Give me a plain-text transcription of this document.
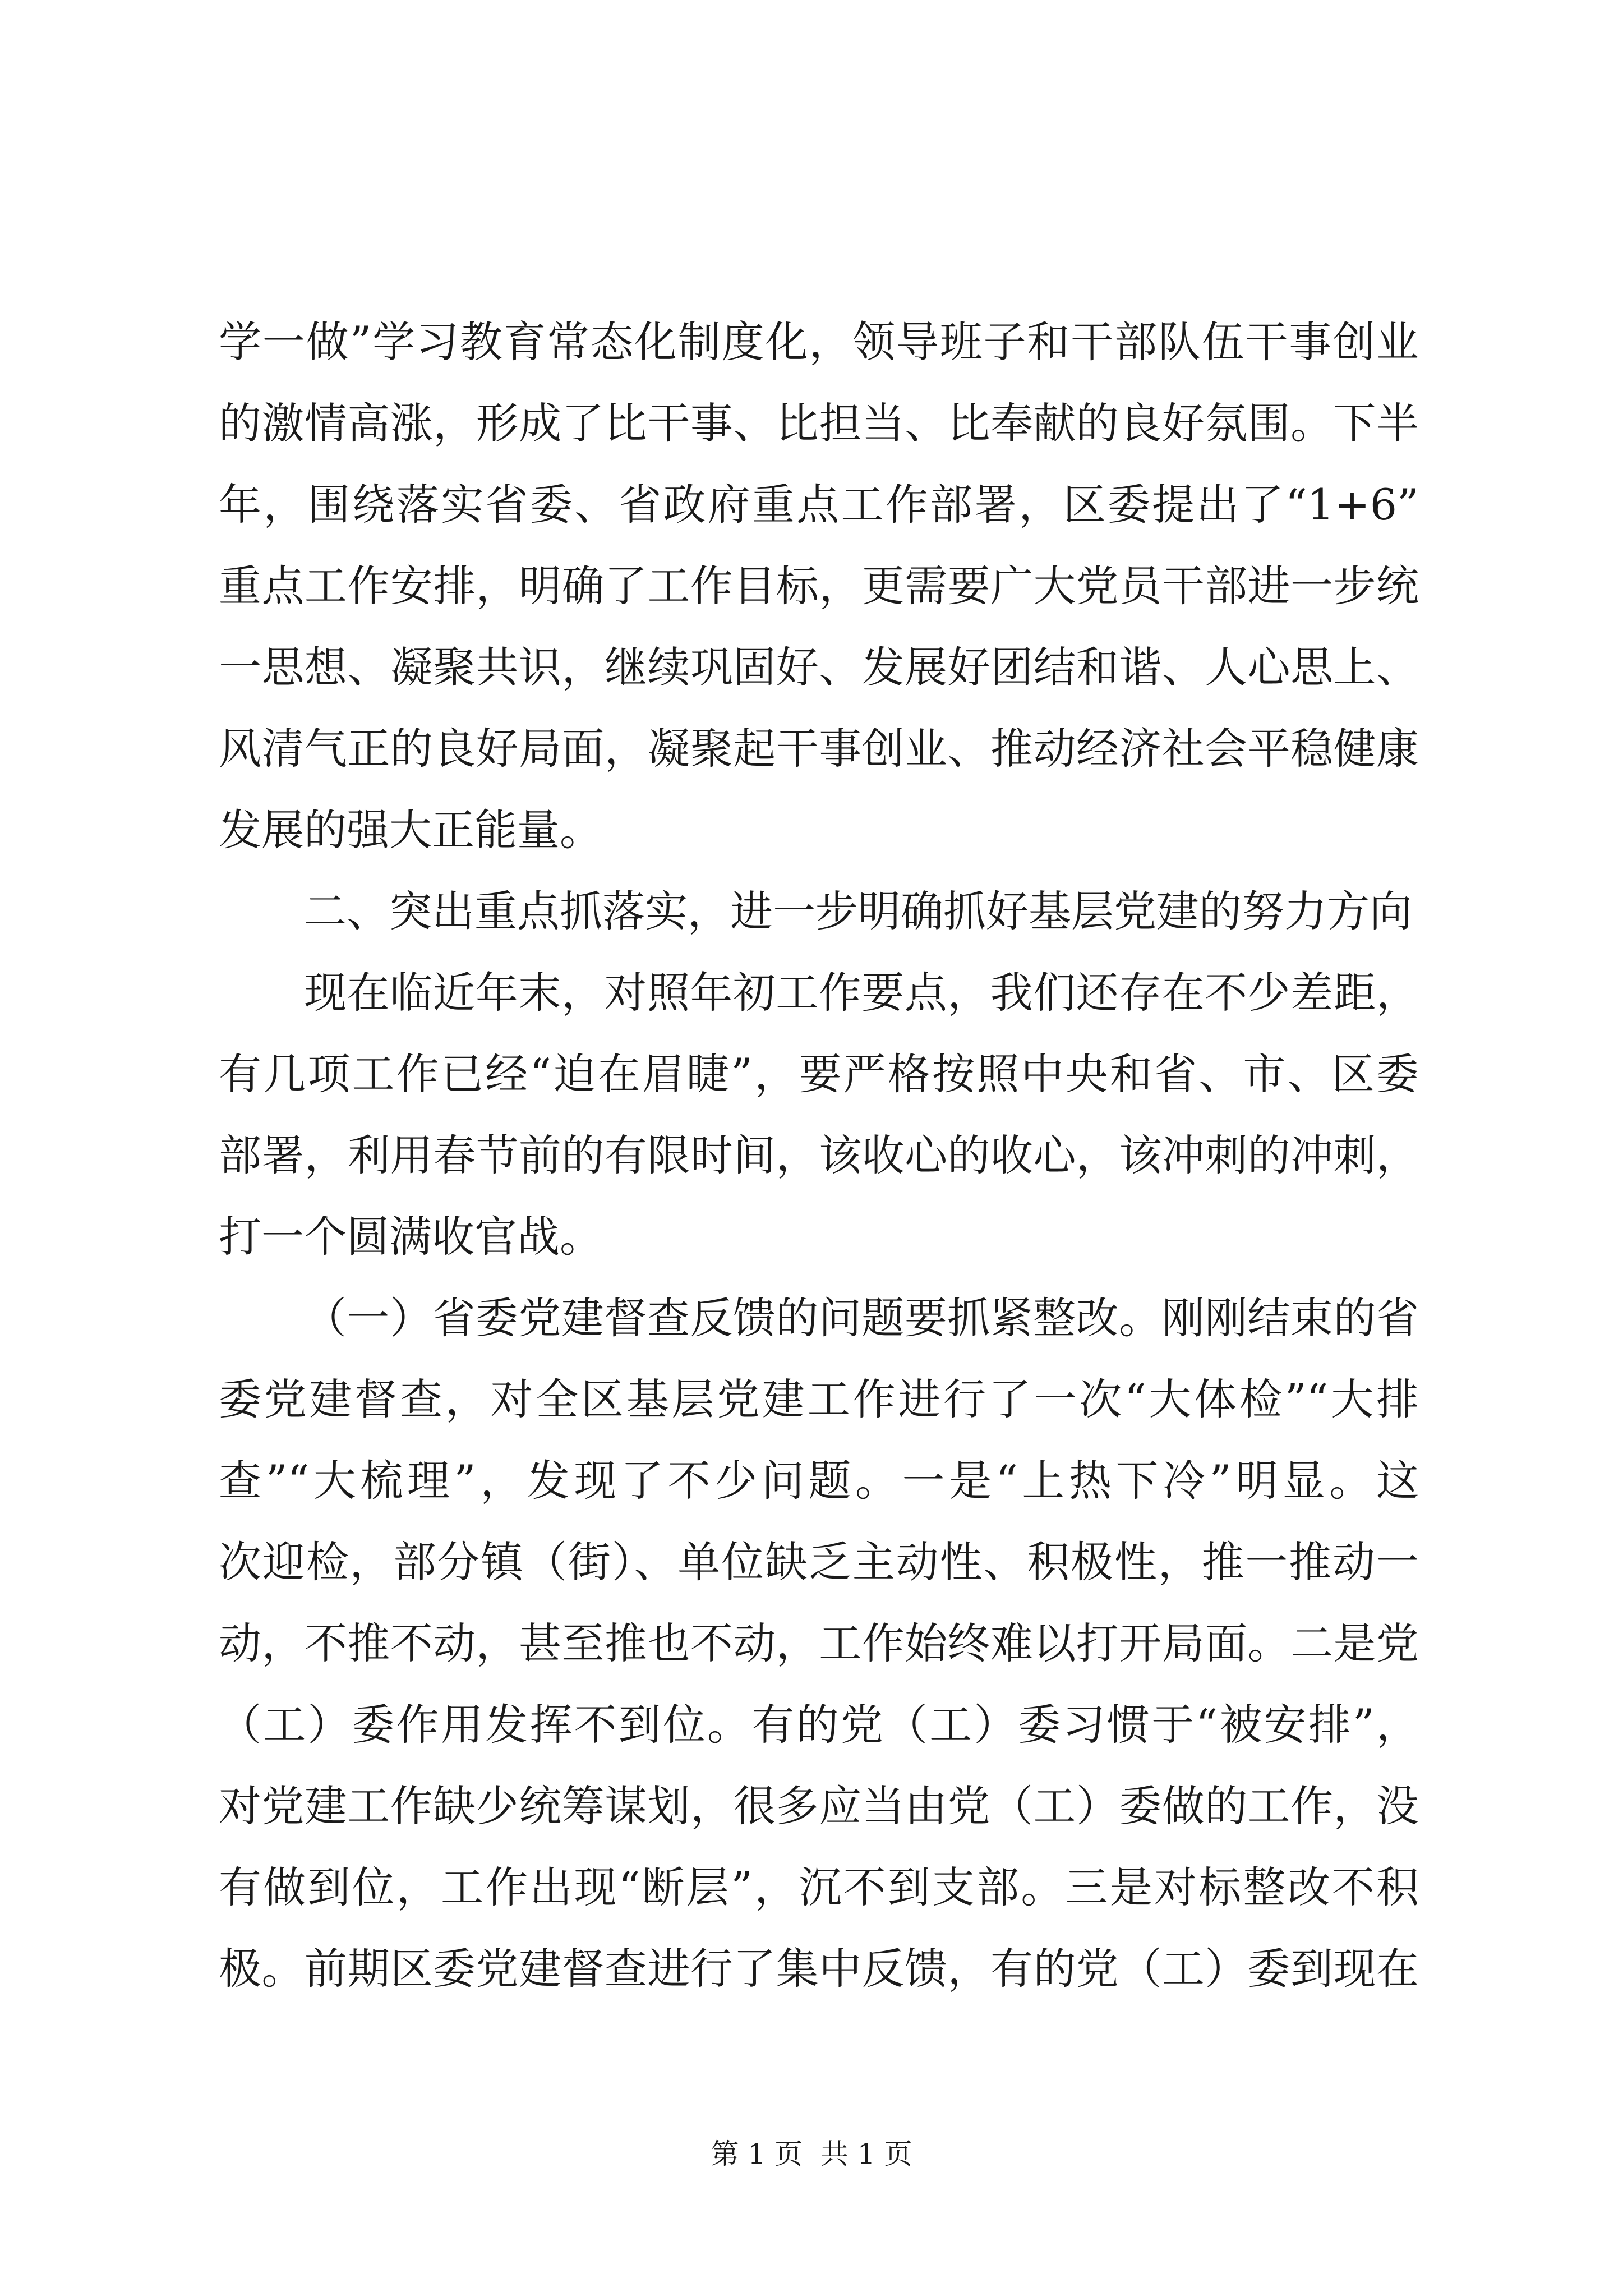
学一做”学习教育常态化制度化，领导班子和干部队伍干事创业
的激情高涨，形成了比干事、比担当、比奉献的良好氛围。下半
年，围绕落实省委、省政府重点工作部署，区委提出了“1+6”
重点工作安排，明确了工作目标，更需要广大党员干部进一步统
一思想、凝聚共识，继续巩固好、发展好团结和谐、人心思上、
风清气正的良好局面，凝聚起干事创业、推动经济社会平稳健康
发展的强大正能量。
二、突出重点抓落实，进一步明确抓好基层党建的努力方向
现在临近年末，对照年初工作要点，我们还存在不少差距，
有几项工作已经“迫在眉睫”，要严格按照中央和省、市、区委
部署，利用春节前的有限时间，该收心的收心，该冲刺的冲刺，
打一个圆满收官战。
（一）省委党建督查反馈的问题要抓紧整改。刚刚结束的省
委党建督查，对全区基层党建工作进行了一次“大体检”“大排
查”“大梳理”，发现了不少问题。一是“上热下冷”明显。这
次迎检，部分镇（街）、单位缺乏主动性、积极性，推一推动一
动，不推不动，甚至推也不动，工作始终难以打开局面。二是党
（工）委作用发挥不到位。有的党（工）委习惯于“被安排”，
对党建工作缺少统筹谋划，很多应当由党（工）委做的工作，没
有做到位，工作出现“断层”，沉不到支部。三是对标整改不积
极。前期区委党建督查进行了集中反馈，有的党（工）委到现在
第 1 页  共 1 页
